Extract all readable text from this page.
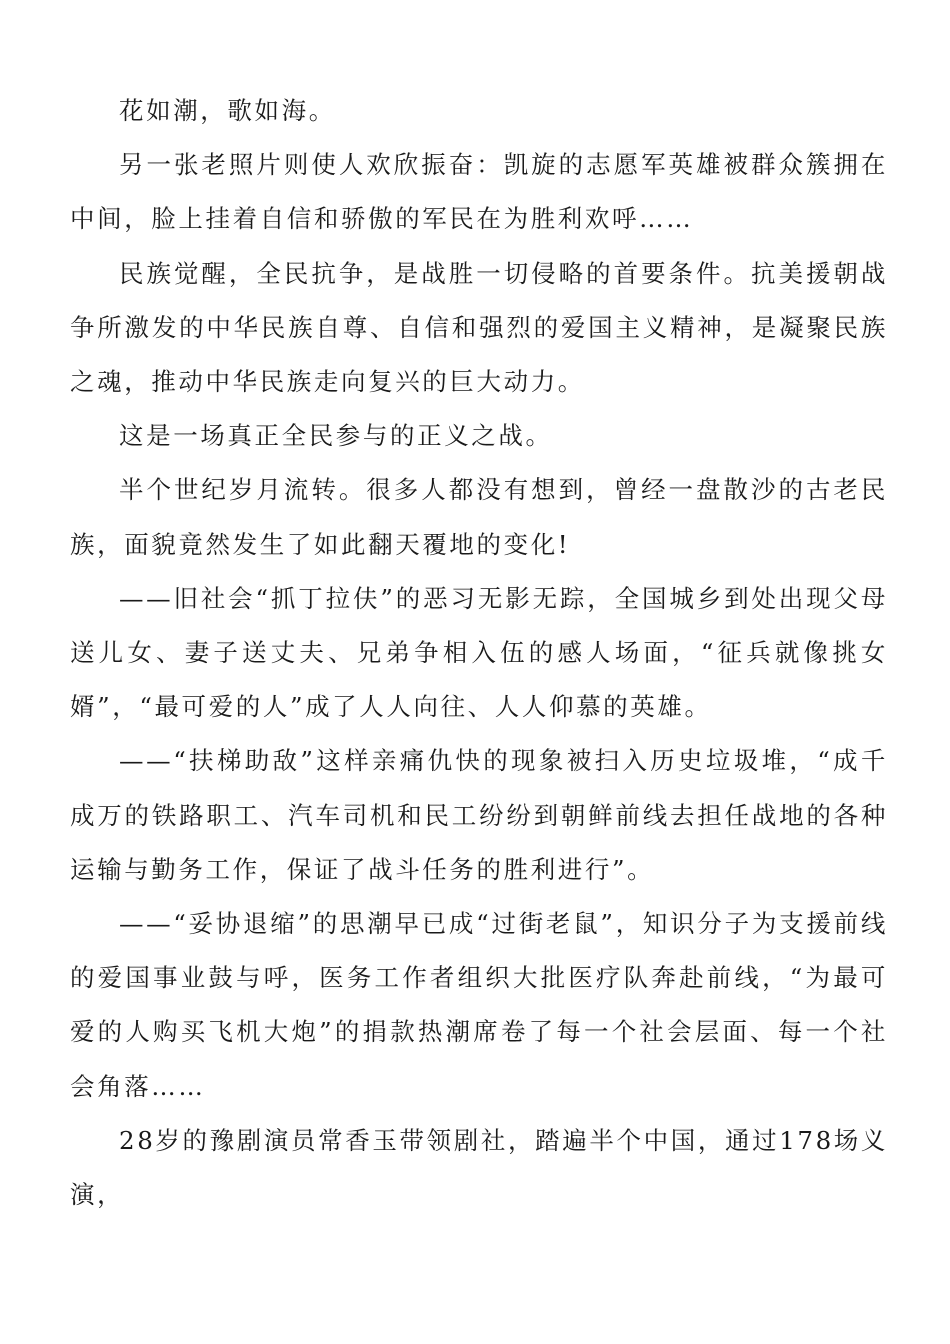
花如潮，歌如海。

另一张老照片则使人欢欣振奋：凯旋的志愿军英雄被群众簇拥在中间，脸上挂着自信和骄傲的军民在为胜利欢呼……

民族觉醒，全民抗争，是战胜一切侵略的首要条件。抗美援朝战争所激发的中华民族自尊、自信和强烈的爱国主义精神，是凝聚民族之魂，推动中华民族走向复兴的巨大动力。

这是一场真正全民参与的正义之战。

半个世纪岁月流转。很多人都没有想到，曾经一盘散沙的古老民族，面貌竟然发生了如此翻天覆地的变化!

——旧社会“抓丁拉伕”的恶习无影无踪，全国城乡到处出现父母送儿女、妻子送丈夫、兄弟争相入伍的感人场面，“征兵就像挑女婿”，“最可爱的人”成了人人向往、人人仰慕的英雄。

——“扶梯助敌”这样亲痛仇快的现象被扫入历史垃圾堆，“成千成万的铁路职工、汽车司机和民工纷纷到朝鲜前线去担任战地的各种运输与勤务工作，保证了战斗任务的胜利进行”。

——“妥协退缩”的思潮早已成“过街老鼠”，知识分子为支援前线的爱国事业鼓与呼，医务工作者组织大批医疗队奔赴前线，“为最可爱的人购买飞机大炮”的捐款热潮席卷了每一个社会层面、每一个社会角落……

28岁的豫剧演员常香玉带领剧社，踏遍半个中国，通过178场义演，
